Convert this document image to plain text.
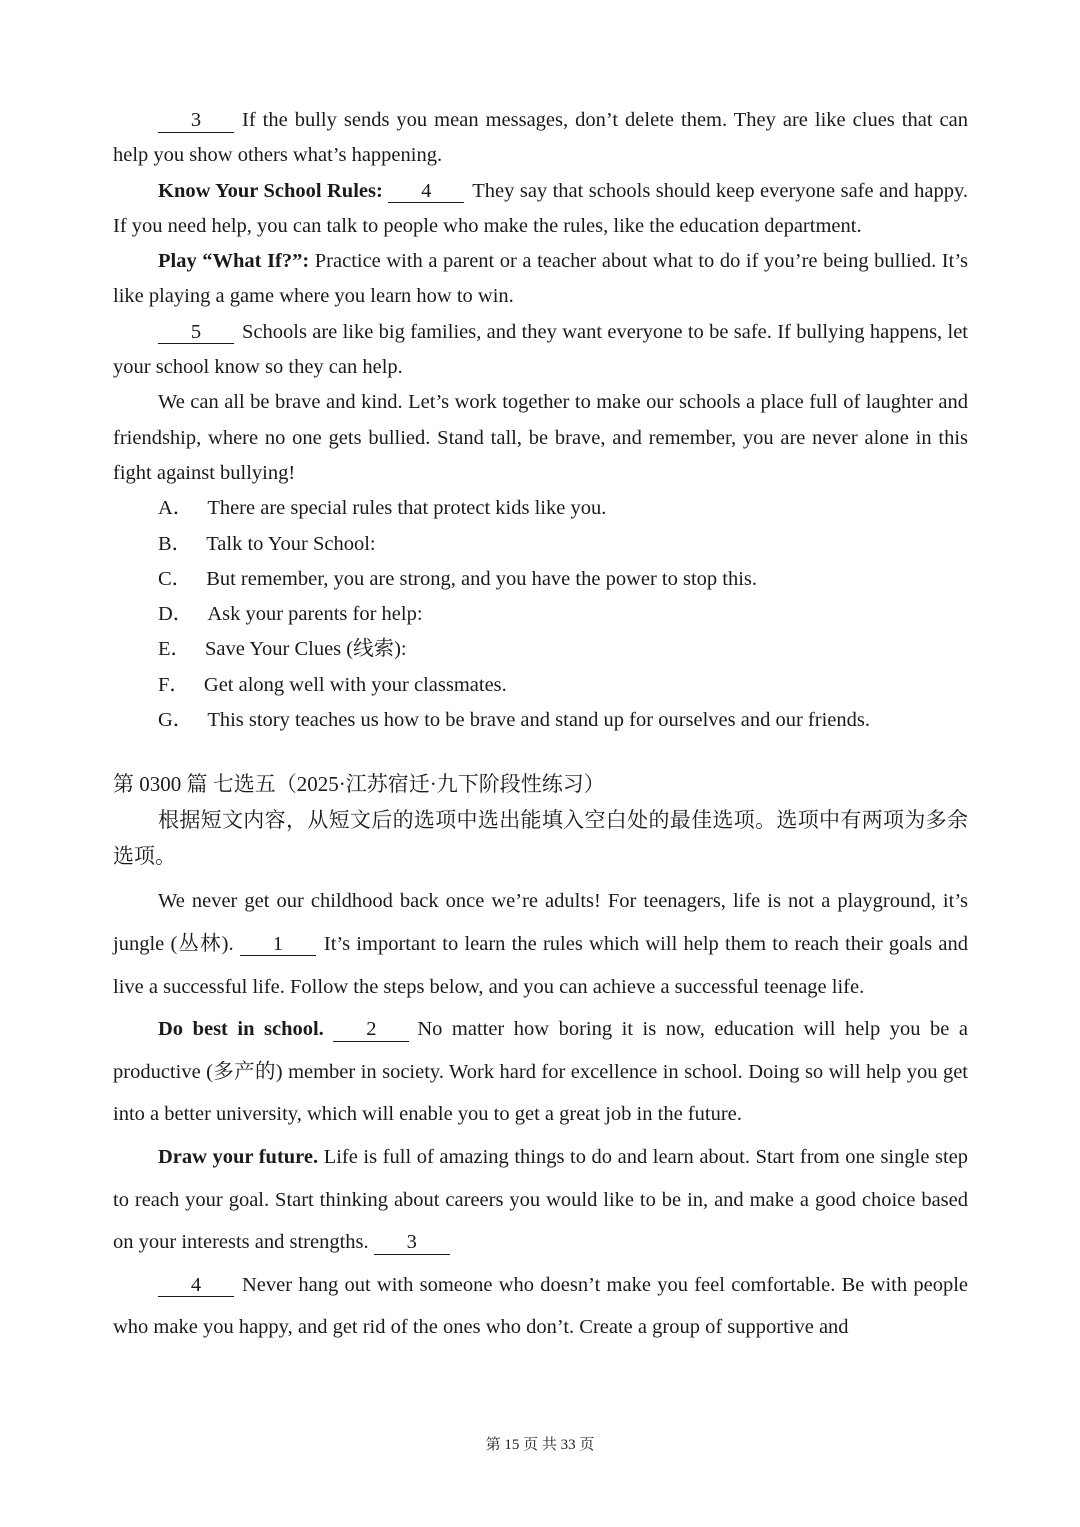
3 If the bully sends you mean messages, don’t delete them. They are like clues that can help you show others what’s happening.

Know Your School Rules: 4 They say that schools should keep everyone safe and happy. If you need help, you can talk to people who make the rules, like the education department.

Play “What If?”: Practice with a parent or a teacher about what to do if you’re being bullied. It’s like playing a game where you learn how to win.

5 Schools are like big families, and they want everyone to be safe. If bullying happens, let your school know so they can help.

We can all be brave and kind. Let’s work together to make our schools a place full of laughter and friendship, where no one gets bullied. Stand tall, be brave, and remember, you are never alone in this fight against bullying!

A． There are special rules that protect kids like you.

B． Talk to Your School:

C． But remember, you are strong, and you have the power to stop this.

D． Ask your parents for help:

E． Save Your Clues (线索):

F． Get along well with your classmates.

G． This story teaches us how to be brave and stand up for ourselves and our friends.

第 0300 篇 七选五（2025·江苏宿迁·九下阶段性练习）

根据短文内容，从短文后的选项中选出能填入空白处的最佳选项。选项中有两项为多余选项。

We never get our childhood back once we’re adults! For teenagers, life is not a playground, it’s jungle (丛林). 1 It’s important to learn the rules which will help them to reach their goals and live a successful life. Follow the steps below, and you can achieve a successful teenage life.

Do best in school. 2 No matter how boring it is now, education will help you be a productive (多产的) member in society. Work hard for excellence in school. Doing so will help you get into a better university, which will enable you to get a great job in the future.

Draw your future. Life is full of amazing things to do and learn about. Start from one single step to reach your goal. Start thinking about careers you would like to be in, and make a good choice based on your interests and strengths. 3

4 Never hang out with someone who doesn’t make you feel comfortable. Be with people who make you happy, and get rid of the ones who don’t. Create a group of supportive and

第 15 页 共 33 页
